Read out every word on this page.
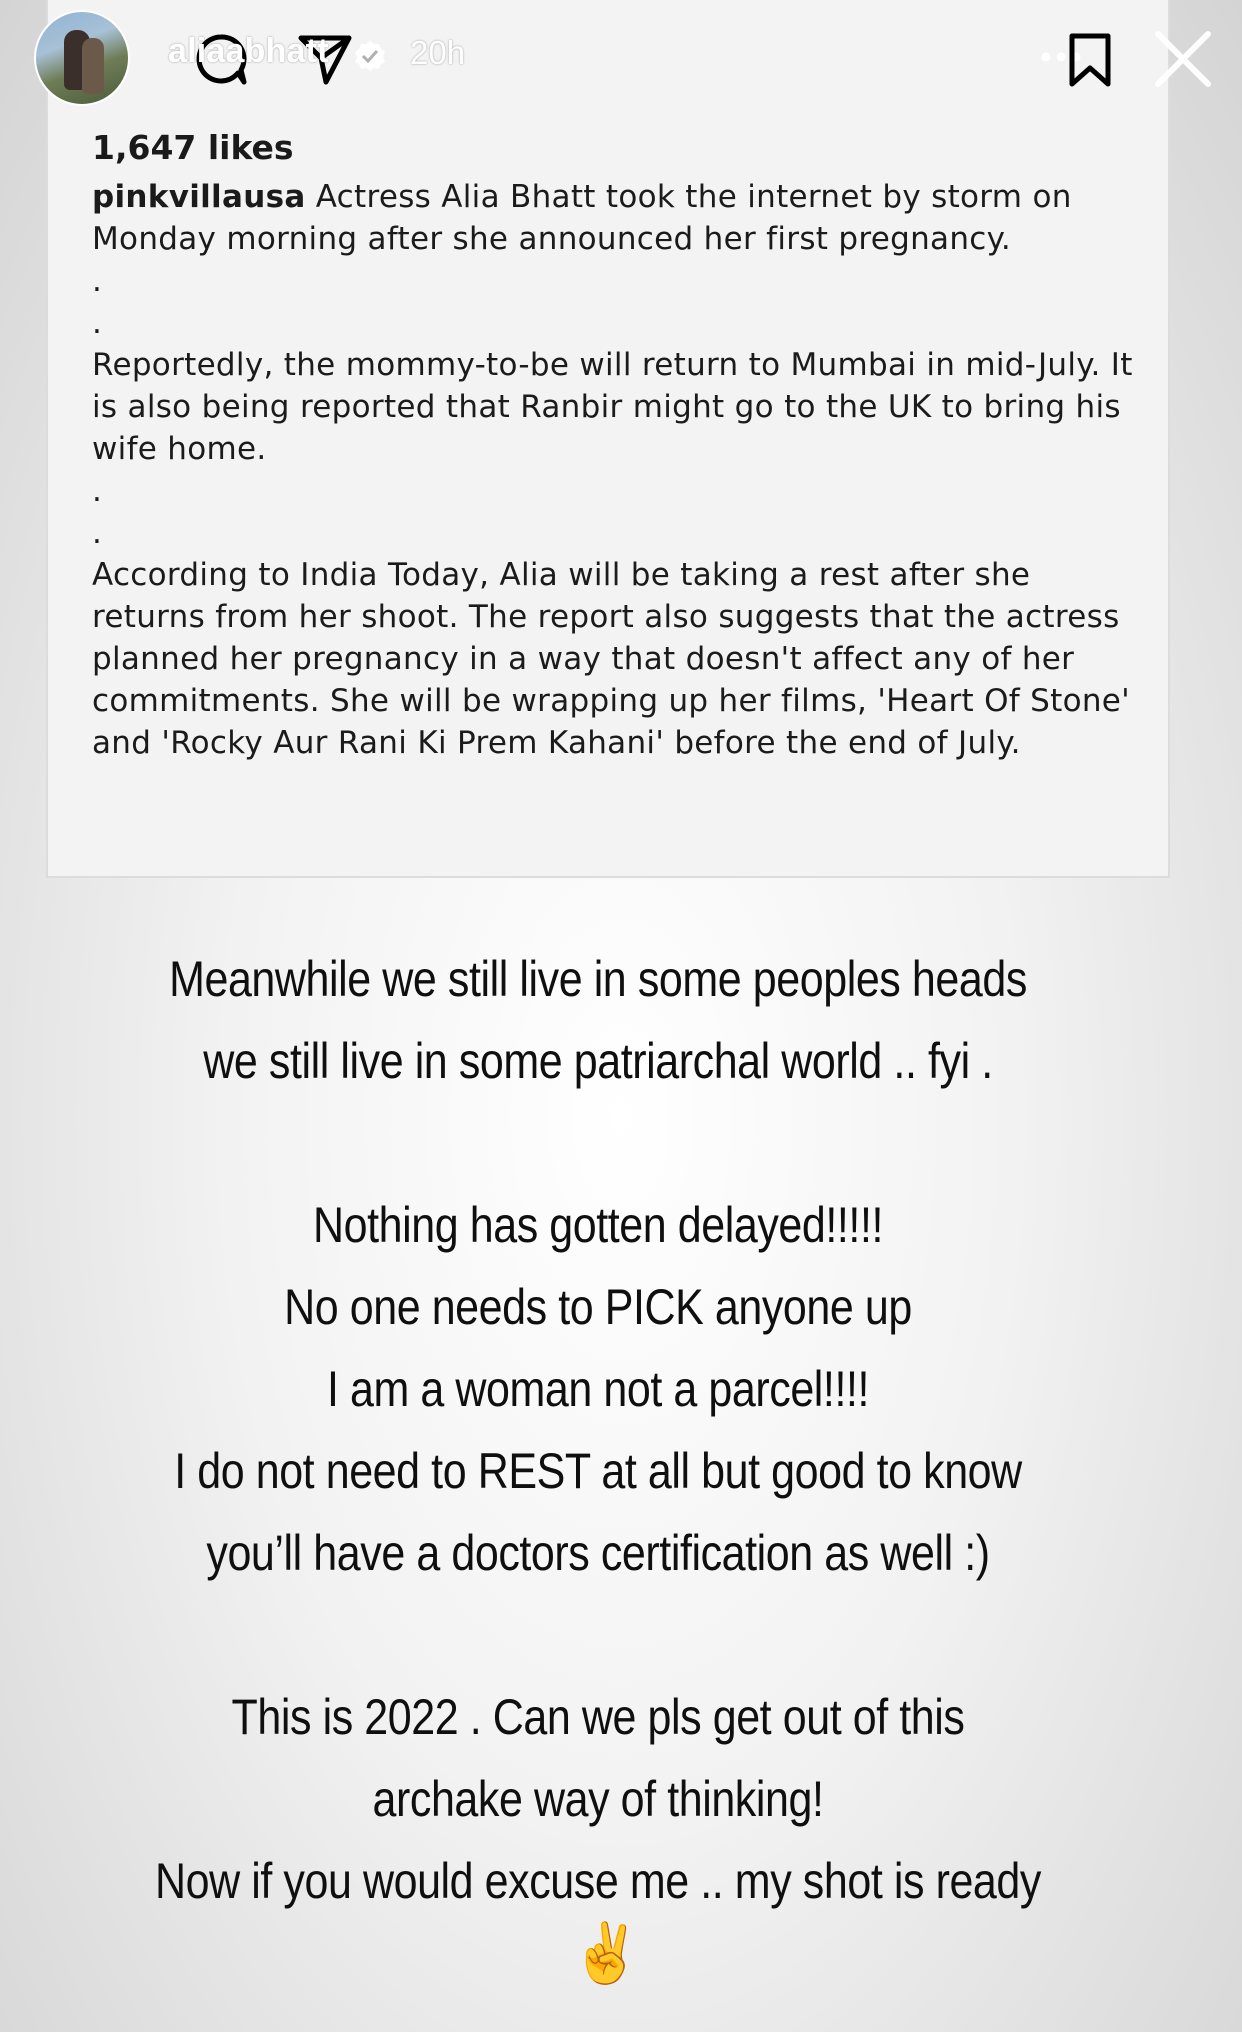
1,647 likes

pinkvillausa Actress Alia Bhatt took the internet by storm on Monday morning after she announced her first pregnancy.

.

.

Reportedly, the mommy-to-be will return to Mumbai in mid-July. It is also being reported that Ranbir might go to the UK to bring his wife home.

.

.

According to India Today, Alia will be taking a rest after she returns from her shoot. The report also suggests that the actress planned her pregnancy in a way that doesn't affect any of her commitments. She will be wrapping up her films, 'Heart Of Stone' and 'Rocky Aur Rani Ki Prem Kahani' before the end of July.

aliaabhatt 20h
Meanwhile we still live in some peoples heads
we still live in some patriarchal world .. fyi .
Nothing has gotten delayed!!!!!
No one needs to PICK anyone up
I am a woman not a parcel!!!!
I do not need to REST at all but good to know
you’ll have a doctors certification as well :)
This is 2022 . Can we pls get out of this
archake way of thinking!
Now if you would excuse me .. my shot is ready
✌️
